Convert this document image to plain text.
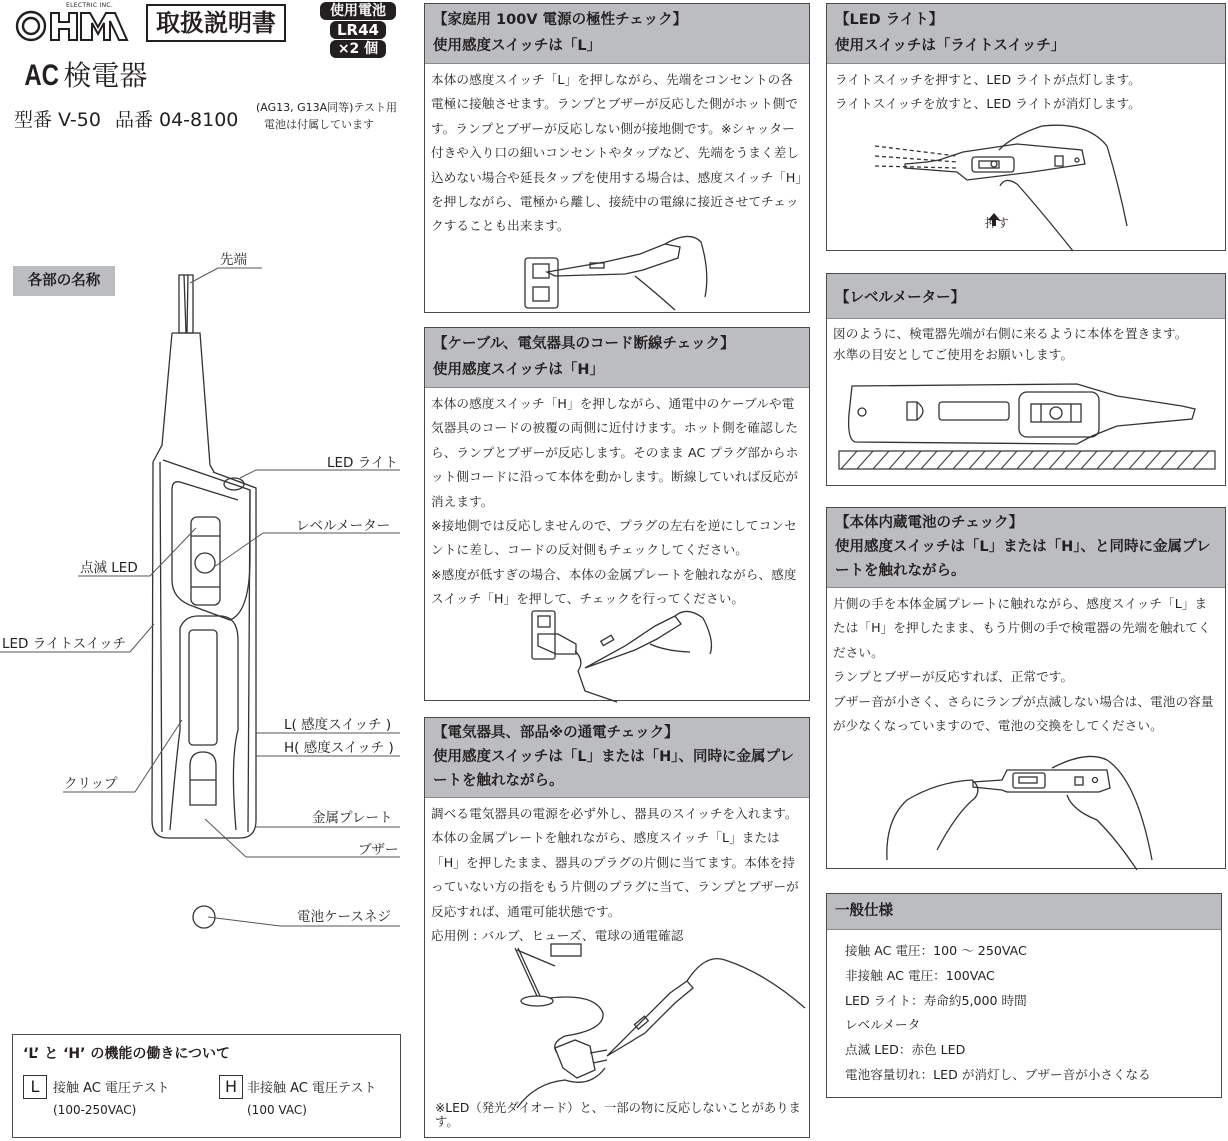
ELECTRIC INC.
取扱説明書	使用電池
LR44
×2 個
AC 検電器
型番 V-50 品番 04-8100
(AG13, G13A同等)テスト用
電池は付属しています
各部の名称
先端
LED ライト
レベルメーター
点滅 LED
LED ライトスイッチ
L( 感度スイッチ )
H( 感度スイッチ )
クリップ
金属プレート
ブザー
電池ケースネジ
‘L’ と ‘H’ の機能の働きについて
L	接触 AC 電圧テスト
(100-250VAC)
H 非接触 AC 電圧テスト
(100 VAC)
【家庭用 100V 電源の極性チェック】
使用感度スイッチは「L」

本体の感度スイッチ「L」を押しながら、先端をコンセントの各電極に接触させます。ランプとブザーが反応した側がホット側です。ランプとブザーが反応しない側が接地側です。※シャッター付きや入り口の細いコンセントやタップなど、先端をうまく差し込めない場合や延長タップを使用する場合は、感度スイッチ「H」を押しながら、電極から離し、接続中の電線に接近させてチェックすることも出来ます。

【ケーブル、電気器具のコード断線チェック】
使用感度スイッチは「H」

本体の感度スイッチ「H」を押しながら、通電中のケーブルや電気器具のコードの被覆の両側に近付けます。ホット側を確認したら、ランプとブザーが反応します。そのまま AC プラグ部からホット側コードに沿って本体を動かします。断線していれば反応が消えます。

※接地側では反応しませんので、プラグの左右を逆にしてコンセントに差し、コードの反対側もチェックしてください。

※感度が低すぎの場合、本体の金属プレートを触れながら、感度スイッチ「H」を押して、チェックを行ってください。

【電気器具、部品※の通電チェック】
使用感度スイッチは「L」または「H」、同時に金属プレートを触れながら。

調べる電気器具の電源を必ず外し、器具のスイッチを入れます。本体の金属プレートを触れながら、感度スイッチ「L」または「H」を押したまま、器具のプラグの片側に当てます。本体を持っていない方の指をもう片側のプラグに当て、ランプとブザーが反応すれば、通電可能状態です。

応用例 : バルブ、ヒューズ、電球の通電確認

※LED（発光ダイオード）と、一部の物に反応しないことがあります。
【LED ライト】
使用スイッチは「ライトスイッチ」

ライトスイッチを押すと、LED ライトが点灯します。

ライトスイッチを放すと、LED ライトが消灯します。

押す
【レベルメーター】

図のように、検電器先端が右側に来るように本体を置きます。

水準の目安としてご使用をお願いします。

【本体内蔵電池のチェック】
使用感度スイッチは「L」または「H」、と同時に金属プレートを触れながら。

片側の手を本体金属プレートに触れながら、感度スイッチ「L」または「H」を押したまま、もう片側の手で検電器の先端を触れてください。

ランプとブザーが反応すれば、正常です。

ブザー音が小さく、さらにランプが点滅しない場合は、電池の容量が少なくなっていますので、電池の交換をしてください。

一般仕様
接触 AC 電圧：100 〜 250VAC
非接触 AC 電圧：100VAC
LED ライト：寿命約5,000 時間
レベルメータ
点滅 LED：赤色 LED
電池容量切れ：LED が消灯し、ブザー音が小さくなる
